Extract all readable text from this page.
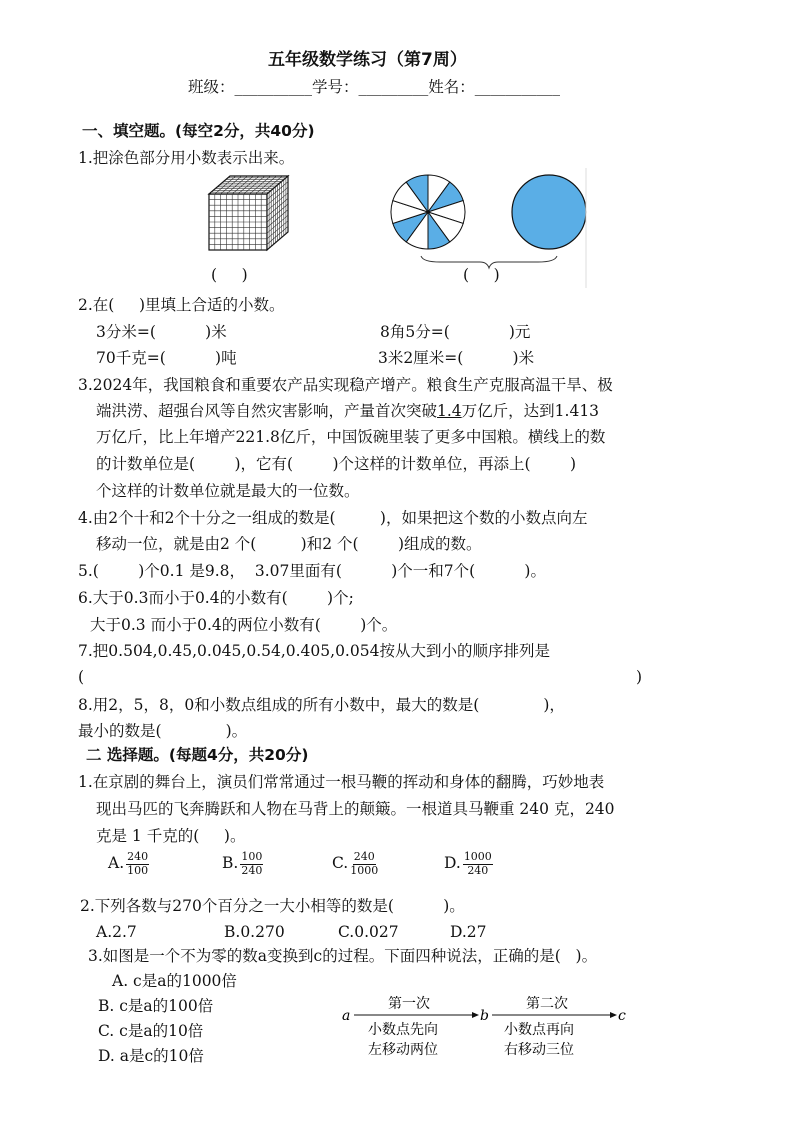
五年级数学练习（第7周）
班级：__________学号：_________姓名：___________
一、填空题。(每空2分，共40分)
1.把涂色部分用小数表示出来。
(     )	(     )
2.在(     )里填上合适的小数。
3分米=(          )米	8角5分=(            )元
70千克=(          )吨	3米2厘米=(          )米
3.2024年，我国粮食和重要农产品实现稳产增产。粮食生产克服高温干旱、极
端洪涝、超强台风等自然灾害影响，产量首次突破1.4万亿斤，达到1.413
万亿斤，比上年增产221.8亿斤，中国饭碗里装了更多中国粮。横线上的数
的计数单位是(        )，它有(        )个这样的计数单位，再添上(        )
个这样的计数单位就是最大的一位数。
4.由2个十和2个十分之一组成的数是(         )，如果把这个数的小数点向左
移动一位，就是由2 个(         )和2 个(        )组成的数。
5.(        )个0.1 是9.8，  3.07里面有(          )个一和7个(          )。
6.大于0.3而小于0.4的小数有(        )个;
大于0.3 而小于0.4的两位小数有(        )个。
7.把0.504,0.45,0.045,0.54,0.405,0.054按从大到小的顺序排列是
(	)
8.用2，5，8，0和小数点组成的所有小数中，最大的数是(             )，
最小的数是(             )。
二 选择题。(每题4分，共20分)
1.在京剧的舞台上，演员们常常通过一根马鞭的挥动和身体的翻腾，巧妙地表
现出马匹的飞奔腾跃和人物在马背上的颠簸。一根道具马鞭重 240 克，240
克是 1 千克的(     )。
A. $\frac{240}{100}$	B. $\frac{100}{240}$	C. $\frac{240}{1000}$	D. $\frac{1000}{240}$
2.下列各数与270个百分之一大小相等的数是(          )。
A.2.7	B.0.270	C.0.027	D.27
3.如图是一个不为零的数a变换到c的过程。下面四种说法，正确的是(   )。
A. c是a的1000倍
B. c是a的100倍
C. c是a的10倍
D. a是c的10倍
a
第一次
小数点先向
左移动两位
b
第二次
小数点再向
右移动三位
c
